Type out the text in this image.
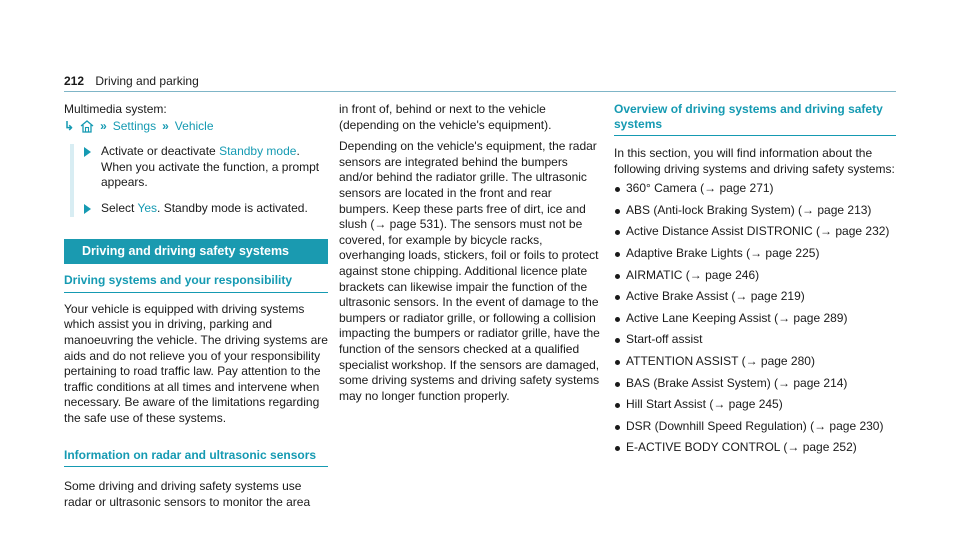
212 Driving and parking

Multimedia system:

↳ » Settings » Vehicle

Activate or deactivate Standby mode. When you activate the function, a prompt appears.

Select Yes. Standby mode is activated.

Driving and driving safety systems
Driving systems and your responsibility

Your vehicle is equipped with driving systems which assist you in driving, parking and manoeuvring the vehicle. The driving systems are aids and do not relieve you of your responsibility pertaining to road traffic law. Pay attention to the traffic conditions at all times and intervene when necessary. Be aware of the limitations regarding the safe use of these systems.

Information on radar and ultrasonic sensors

Some driving and driving safety systems use radar or ultrasonic sensors to monitor the area

in front of, behind or next to the vehicle (depending on the vehicle's equipment).

Depending on the vehicle's equipment, the radar sensors are integrated behind the bumpers and/or behind the radiator grille. The ultrasonic sensors are located in the front and rear bumpers. Keep these parts free of dirt, ice and slush (→ page 531). The sensors must not be covered, for example by bicycle racks, overhanging loads, stickers, foil or foils to protect against stone chipping. Additional licence plate brackets can likewise impair the function of the ultrasonic sensors. In the event of damage to the bumpers or radiator grille, or following a collision impacting the bumpers or radiator grille, have the function of the sensors checked at a qualified specialist workshop. If the sensors are damaged, some driving systems and driving safety systems may no longer function properly.

Overview of driving systems and driving safety systems

In this section, you will find information about the following driving systems and driving safety systems:

360° Camera (→ page 271)
ABS (Anti-lock Braking System) (→ page 213)
Active Distance Assist DISTRONIC (→ page 232)
Adaptive Brake Lights (→ page 225)
AIRMATIC (→ page 246)
Active Brake Assist (→ page 219)
Active Lane Keeping Assist (→ page 289)
Start-off assist
ATTENTION ASSIST (→ page 280)
BAS (Brake Assist System) (→ page 214)
Hill Start Assist (→ page 245)
DSR (Downhill Speed Regulation) (→ page 230)
E-ACTIVE BODY CONTROL (→ page 252)
